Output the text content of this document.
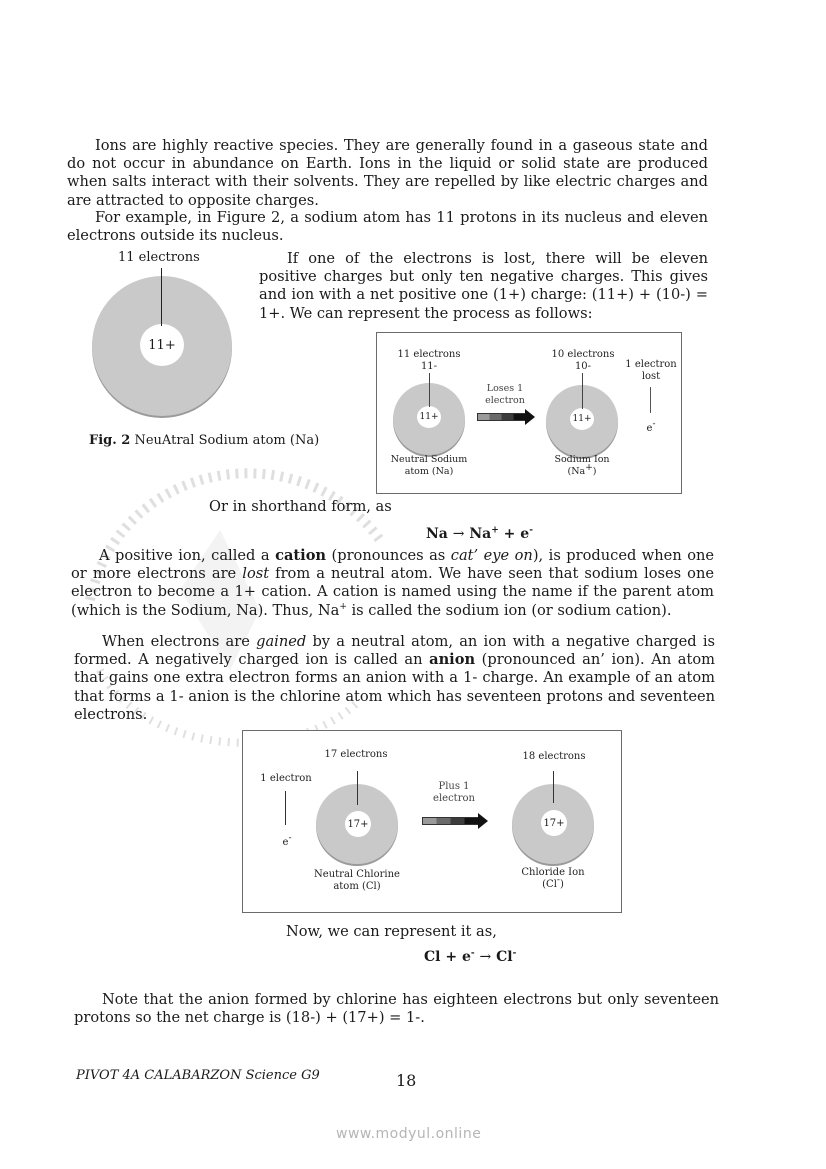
Ions are highly reactive species. They are generally found in a gaseous state and do not occur in abundance on Earth. Ions in the liquid or solid state are produced when salts interact with their solvents. They are repelled by like electric charges and are attracted to opposite charges.
For example, in Figure 2, a sodium atom has 11 protons in its nucleus and eleven electrons outside its nucleus.
11 electrons
11+
Fig. 2 NeuAtral Sodium atom (Na)
If one of the electrons is lost, there will be eleven positive charges but only ten negative charges. This gives and ion with a net positive one (1+) charge: (11+) + (10-) = 1+. We can represent the process as follows:
11 electrons
11-
11+
Neutral Sodium
atom (Na)
Loses 1
electron
10 electrons
10-
11+
Sodium Ion
(Na+)
1 electron
lost
e-
Or in shorthand form, as
Na → Na+ + e-
A positive ion, called a cation (pronounces as cat’ eye on), is produced when one or more electrons are lost from a neutral atom. We have seen that sodium loses one electron to become a 1+ cation. A cation is named using the name if the parent atom (which is the Sodium, Na). Thus, Na+ is called the sodium ion (or sodium cation).
When electrons are gained by a neutral atom, an ion with a negative charged is formed. A negatively charged ion is called an anion (pronounced an’ ion). An atom that gains one extra electron forms an anion with a 1- charge. An example of an atom that forms a 1- anion is the chlorine atom which has seventeen protons and seventeen electrons.
1 electron
e-
17 electrons
17+
Neutral Chlorine
atom (Cl)
Plus 1
electron
18 electrons
17+
Chloride Ion
(Cl-)
Now, we can represent it as,
Cl + e- → Cl-
Note that the anion formed by chlorine has eighteen electrons but only seventeen protons so the net charge is (18-) + (17+) = 1-.
PIVOT 4A CALABARZON Science G9	18
www.modyul.online
